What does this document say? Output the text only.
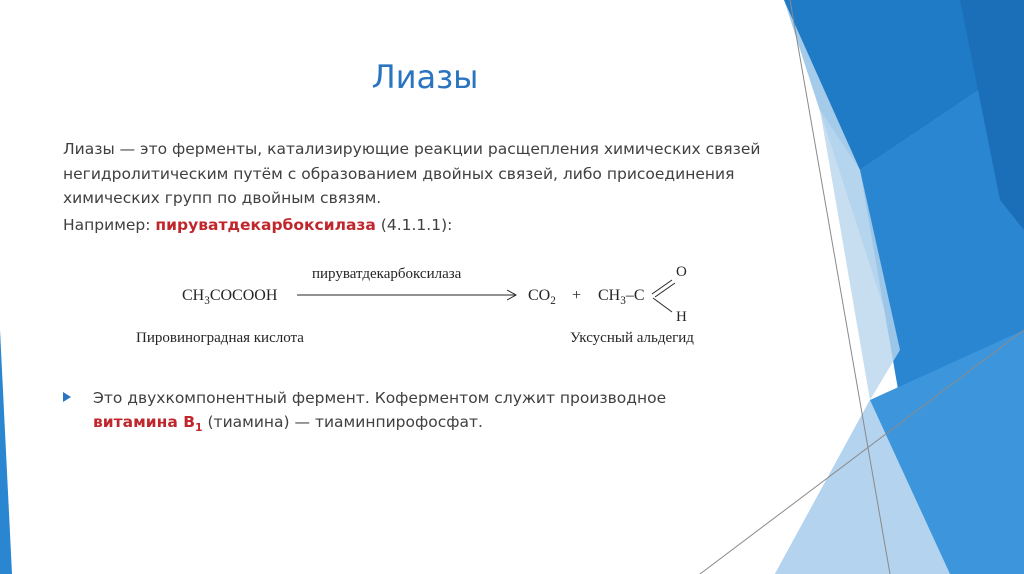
Лиазы
Лиазы — это ферменты, катализирующие реакции расщепления химических связей негидролитическим путём с образованием двойных связей, либо присоединения химических групп по двойным связям.
Например: пируватдекарбоксилаза (4.1.1.1):
$CH_3COCOOH$
пируватдекарбоксилаза
$CO_2 + CH_3-C$
O
H
Пировиноградная кислота	Уксусный альдегид
Это двухкомпонентный фермент. Коферментом служит производное
витамина $B_1$ (тиамина) — тиаминпирофосфат.
